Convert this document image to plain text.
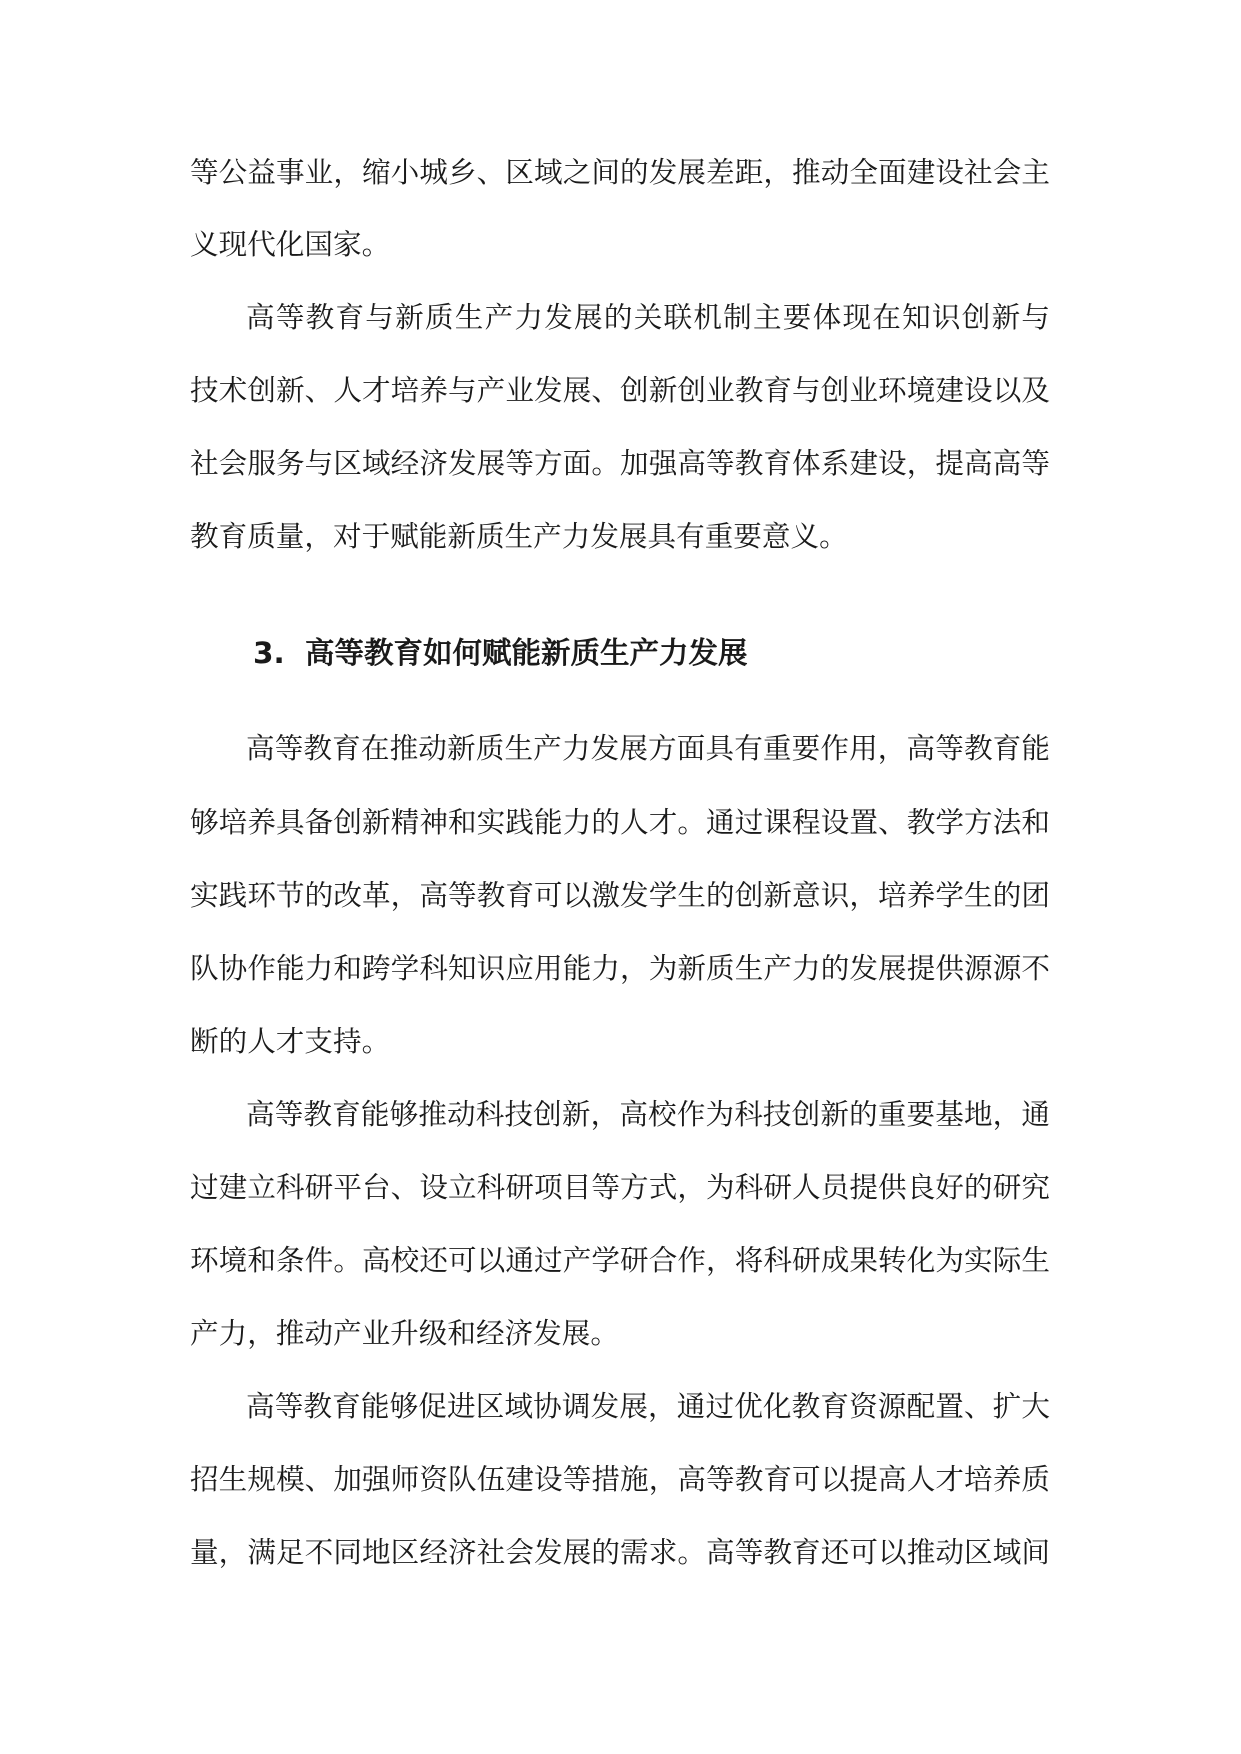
等公益事业，缩小城乡、区域之间的发展差距，推动全面建设社会主
义现代化国家。
高等教育与新质生产力发展的关联机制主要体现在知识创新与
技术创新、人才培养与产业发展、创新创业教育与创业环境建设以及
社会服务与区域经济发展等方面。加强高等教育体系建设，提高高等
教育质量，对于赋能新质生产力发展具有重要意义。
3. 高等教育如何赋能新质生产力发展
高等教育在推动新质生产力发展方面具有重要作用，高等教育能
够培养具备创新精神和实践能力的人才。通过课程设置、教学方法和
实践环节的改革，高等教育可以激发学生的创新意识，培养学生的团
队协作能力和跨学科知识应用能力，为新质生产力的发展提供源源不
断的人才支持。
高等教育能够推动科技创新，高校作为科技创新的重要基地，通
过建立科研平台、设立科研项目等方式，为科研人员提供良好的研究
环境和条件。高校还可以通过产学研合作，将科研成果转化为实际生
产力，推动产业升级和经济发展。
高等教育能够促进区域协调发展，通过优化教育资源配置、扩大
招生规模、加强师资队伍建设等措施，高等教育可以提高人才培养质
量，满足不同地区经济社会发展的需求。高等教育还可以推动区域间
